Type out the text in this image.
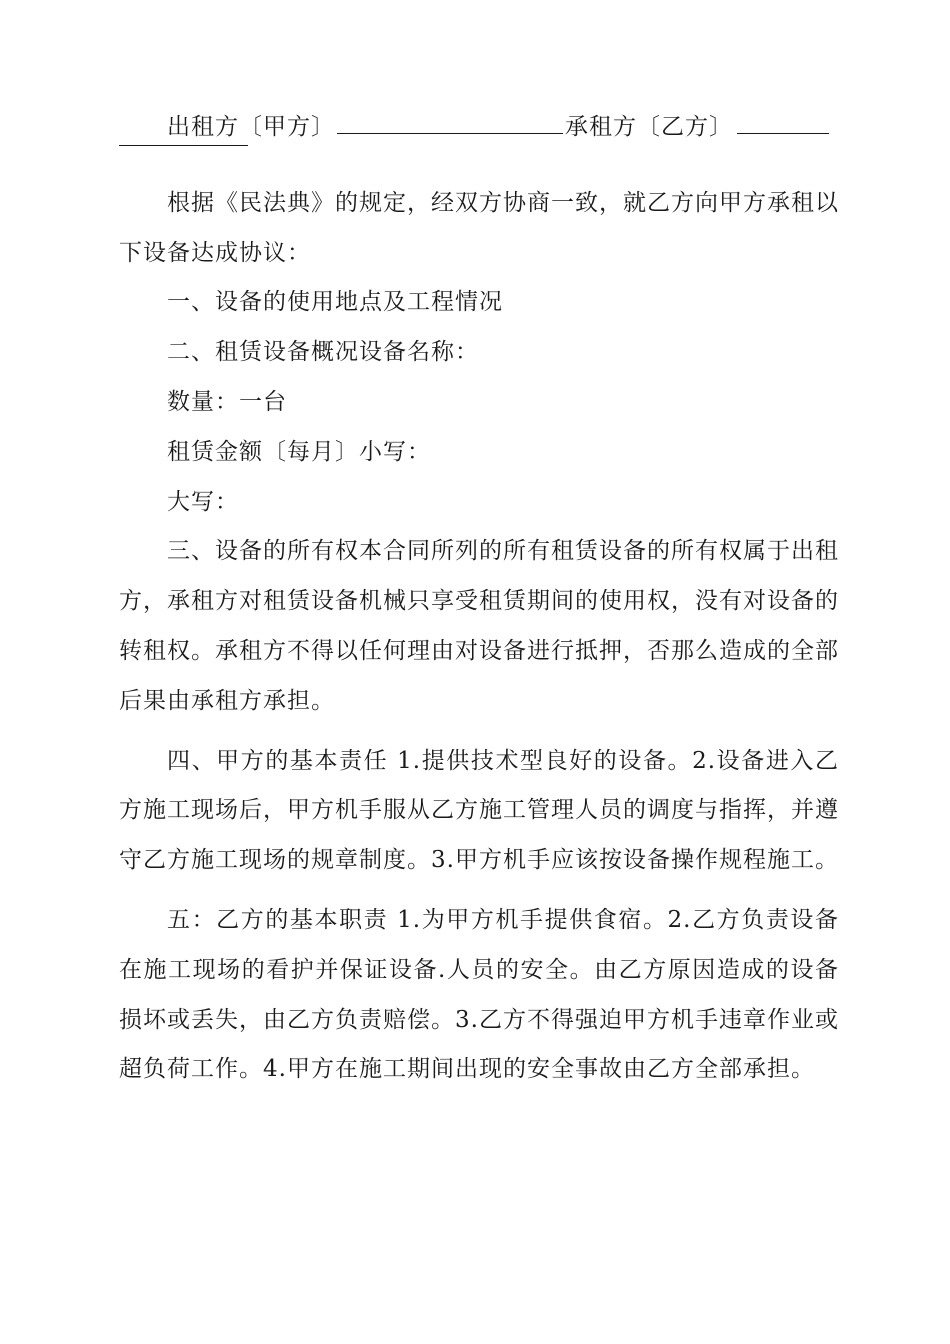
出租方〔甲方〕	承租方〔乙方〕

根据《民法典》的规定，经双方协商一致，就乙方向甲方承租以下设备达成协议：

一、设备的使用地点及工程情况

二、租赁设备概况设备名称：

数量：一台

租赁金额〔每月〕小写：

大写：

三、设备的所有权本合同所列的所有租赁设备的所有权属于出租方，承租方对租赁设备机械只享受租赁期间的使用权，没有对设备的转租权。承租方不得以任何理由对设备进行抵押，否那么造成的全部后果由承租方承担。

四、甲方的基本责任 1.提供技术型良好的设备。2.设备进入乙方施工现场后，甲方机手服从乙方施工管理人员的调度与指挥，并遵守乙方施工现场的规章制度。3.甲方机手应该按设备操作规程施工。

五：乙方的基本职责 1.为甲方机手提供食宿。2.乙方负责设备在施工现场的看护并保证设备.人员的安全。由乙方原因造成的设备损坏或丢失，由乙方负责赔偿。3.乙方不得强迫甲方机手违章作业或超负荷工作。4.甲方在施工期间出现的安全事故由乙方全部承担。
